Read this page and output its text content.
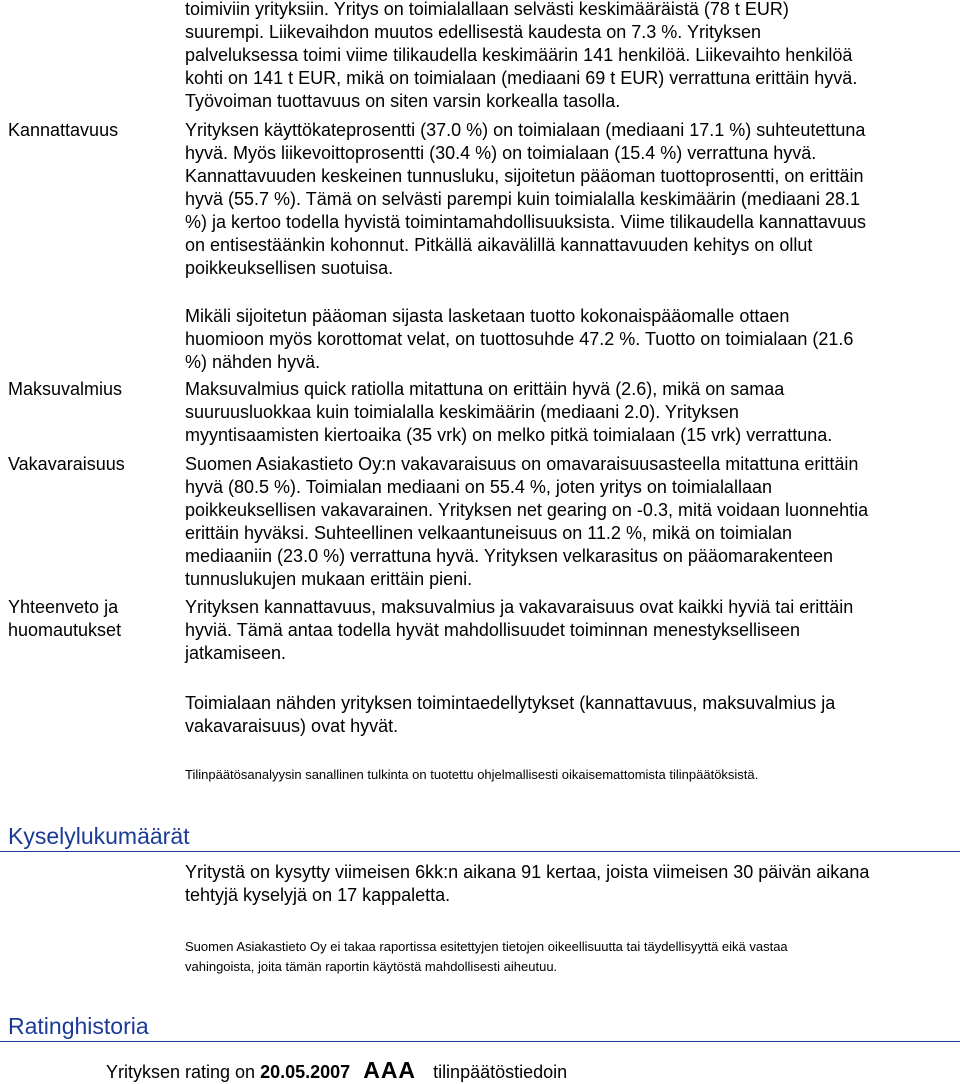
toimiviin yrityksiin. Yritys on toimialallaan selvästi keskimääräistä (78 t EUR)
suurempi. Liikevaihdon muutos edellisestä kaudesta on 7.3 %. Yrityksen
palveluksessa toimi viime tilikaudella keskimäärin 141 henkilöä. Liikevaihto henkilöä
kohti on 141 t EUR, mikä on toimialaan (mediaani 69 t EUR) verrattuna erittäin hyvä.
Työvoiman tuottavuus on siten varsin korkealla tasolla.
Kannattavuus	Yrityksen käyttökateprosentti (37.0 %) on toimialaan (mediaani 17.1 %) suhteutettuna
hyvä. Myös liikevoittoprosentti (30.4 %) on toimialaan (15.4 %) verrattuna hyvä.
Kannattavuuden keskeinen tunnusluku, sijoitetun pääoman tuottoprosentti, on erittäin
hyvä (55.7 %). Tämä on selvästi parempi kuin toimialalla keskimäärin (mediaani 28.1
%) ja kertoo todella hyvistä toimintamahdollisuuksista. Viime tilikaudella kannattavuus
on entisestäänkin kohonnut. Pitkällä aikavälillä kannattavuuden kehitys on ollut
poikkeuksellisen suotuisa.
Mikäli sijoitetun pääoman sijasta lasketaan tuotto kokonaispääomalle ottaen
huomioon myös korottomat velat, on tuottosuhde 47.2 %. Tuotto on toimialaan (21.6
%) nähden hyvä.
Maksuvalmius	Maksuvalmius quick ratiolla mitattuna on erittäin hyvä (2.6), mikä on samaa
suuruusluokkaa kuin toimialalla keskimäärin (mediaani 2.0). Yrityksen
myyntisaamisten kiertoaika (35 vrk) on melko pitkä toimialaan (15 vrk) verrattuna.
Vakavaraisuus	Suomen Asiakastieto Oy:n vakavaraisuus on omavaraisuusasteella mitattuna erittäin
hyvä (80.5 %). Toimialan mediaani on 55.4 %, joten yritys on toimialallaan
poikkeuksellisen vakavarainen. Yrityksen net gearing on -0.3, mitä voidaan luonnehtia
erittäin hyväksi. Suhteellinen velkaantuneisuus on 11.2 %, mikä on toimialan
mediaaniin (23.0 %) verrattuna hyvä. Yrityksen velkarasitus on pääomarakenteen
tunnuslukujen mukaan erittäin pieni.
Yhteenveto ja
huomautukset
Yrityksen kannattavuus, maksuvalmius ja vakavaraisuus ovat kaikki hyviä tai erittäin
hyviä. Tämä antaa todella hyvät mahdollisuudet toiminnan menestykselliseen
jatkamiseen.
Toimialaan nähden yrityksen toimintaedellytykset (kannattavuus, maksuvalmius ja
vakavaraisuus) ovat hyvät.
Tilinpäätösanalyysin sanallinen tulkinta on tuotettu ohjelmallisesti oikaisemattomista tilinpäätöksistä.
Kyselylukumäärät
Yritystä on kysytty viimeisen 6kk:n aikana 91 kertaa, joista viimeisen 30 päivän aikana
tehtyjä kyselyjä on 17 kappaletta.
Suomen Asiakastieto Oy ei takaa raportissa esitettyjen tietojen oikeellisuutta tai täydellisyyttä eikä vastaa
vahingoista, joita tämän raportin käytöstä mahdollisesti aiheutuu.
Ratinghistoria
Yrityksen rating on 20.05.2007 AAA tilinpäätöstiedoin
